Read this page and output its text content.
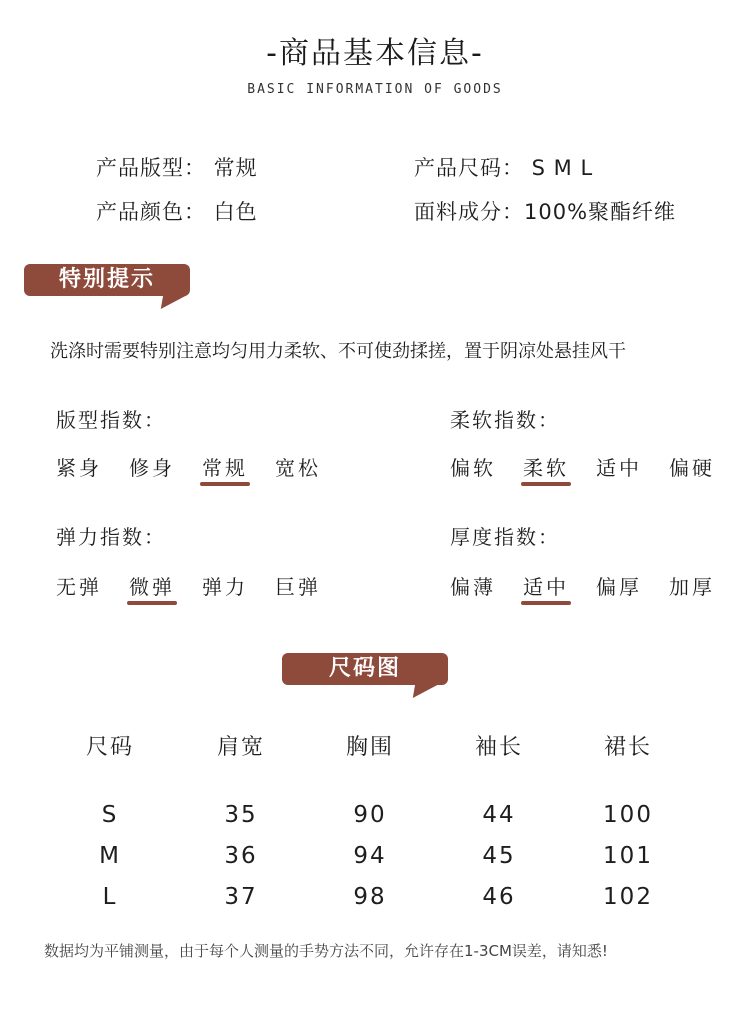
-商品基本信息-
BASIC INFORMATION OF GOODS
产品版型： 常规	产品尺码： S M L
产品颜色： 白色	面料成分：100%聚酯纤维
特别提示
洗涤时需要特别注意均匀用力柔软、不可使劲揉搓，置于阴凉处悬挂风干
版型指数：
紧身	修身	常规	宽松
柔软指数：
偏软	柔软	适中	偏硬
弹力指数：
无弹	微弹	弹力	巨弹
厚度指数：
偏薄	适中	偏厚	加厚
尺码图
尺码	肩宽	胸围	袖长	裙长
S	35	90	44	100
M	36	94	45	101
L	37	98	46	102
数据均为平铺测量，由于每个人测量的手势方法不同，允许存在1-3CM误差，请知悉!
